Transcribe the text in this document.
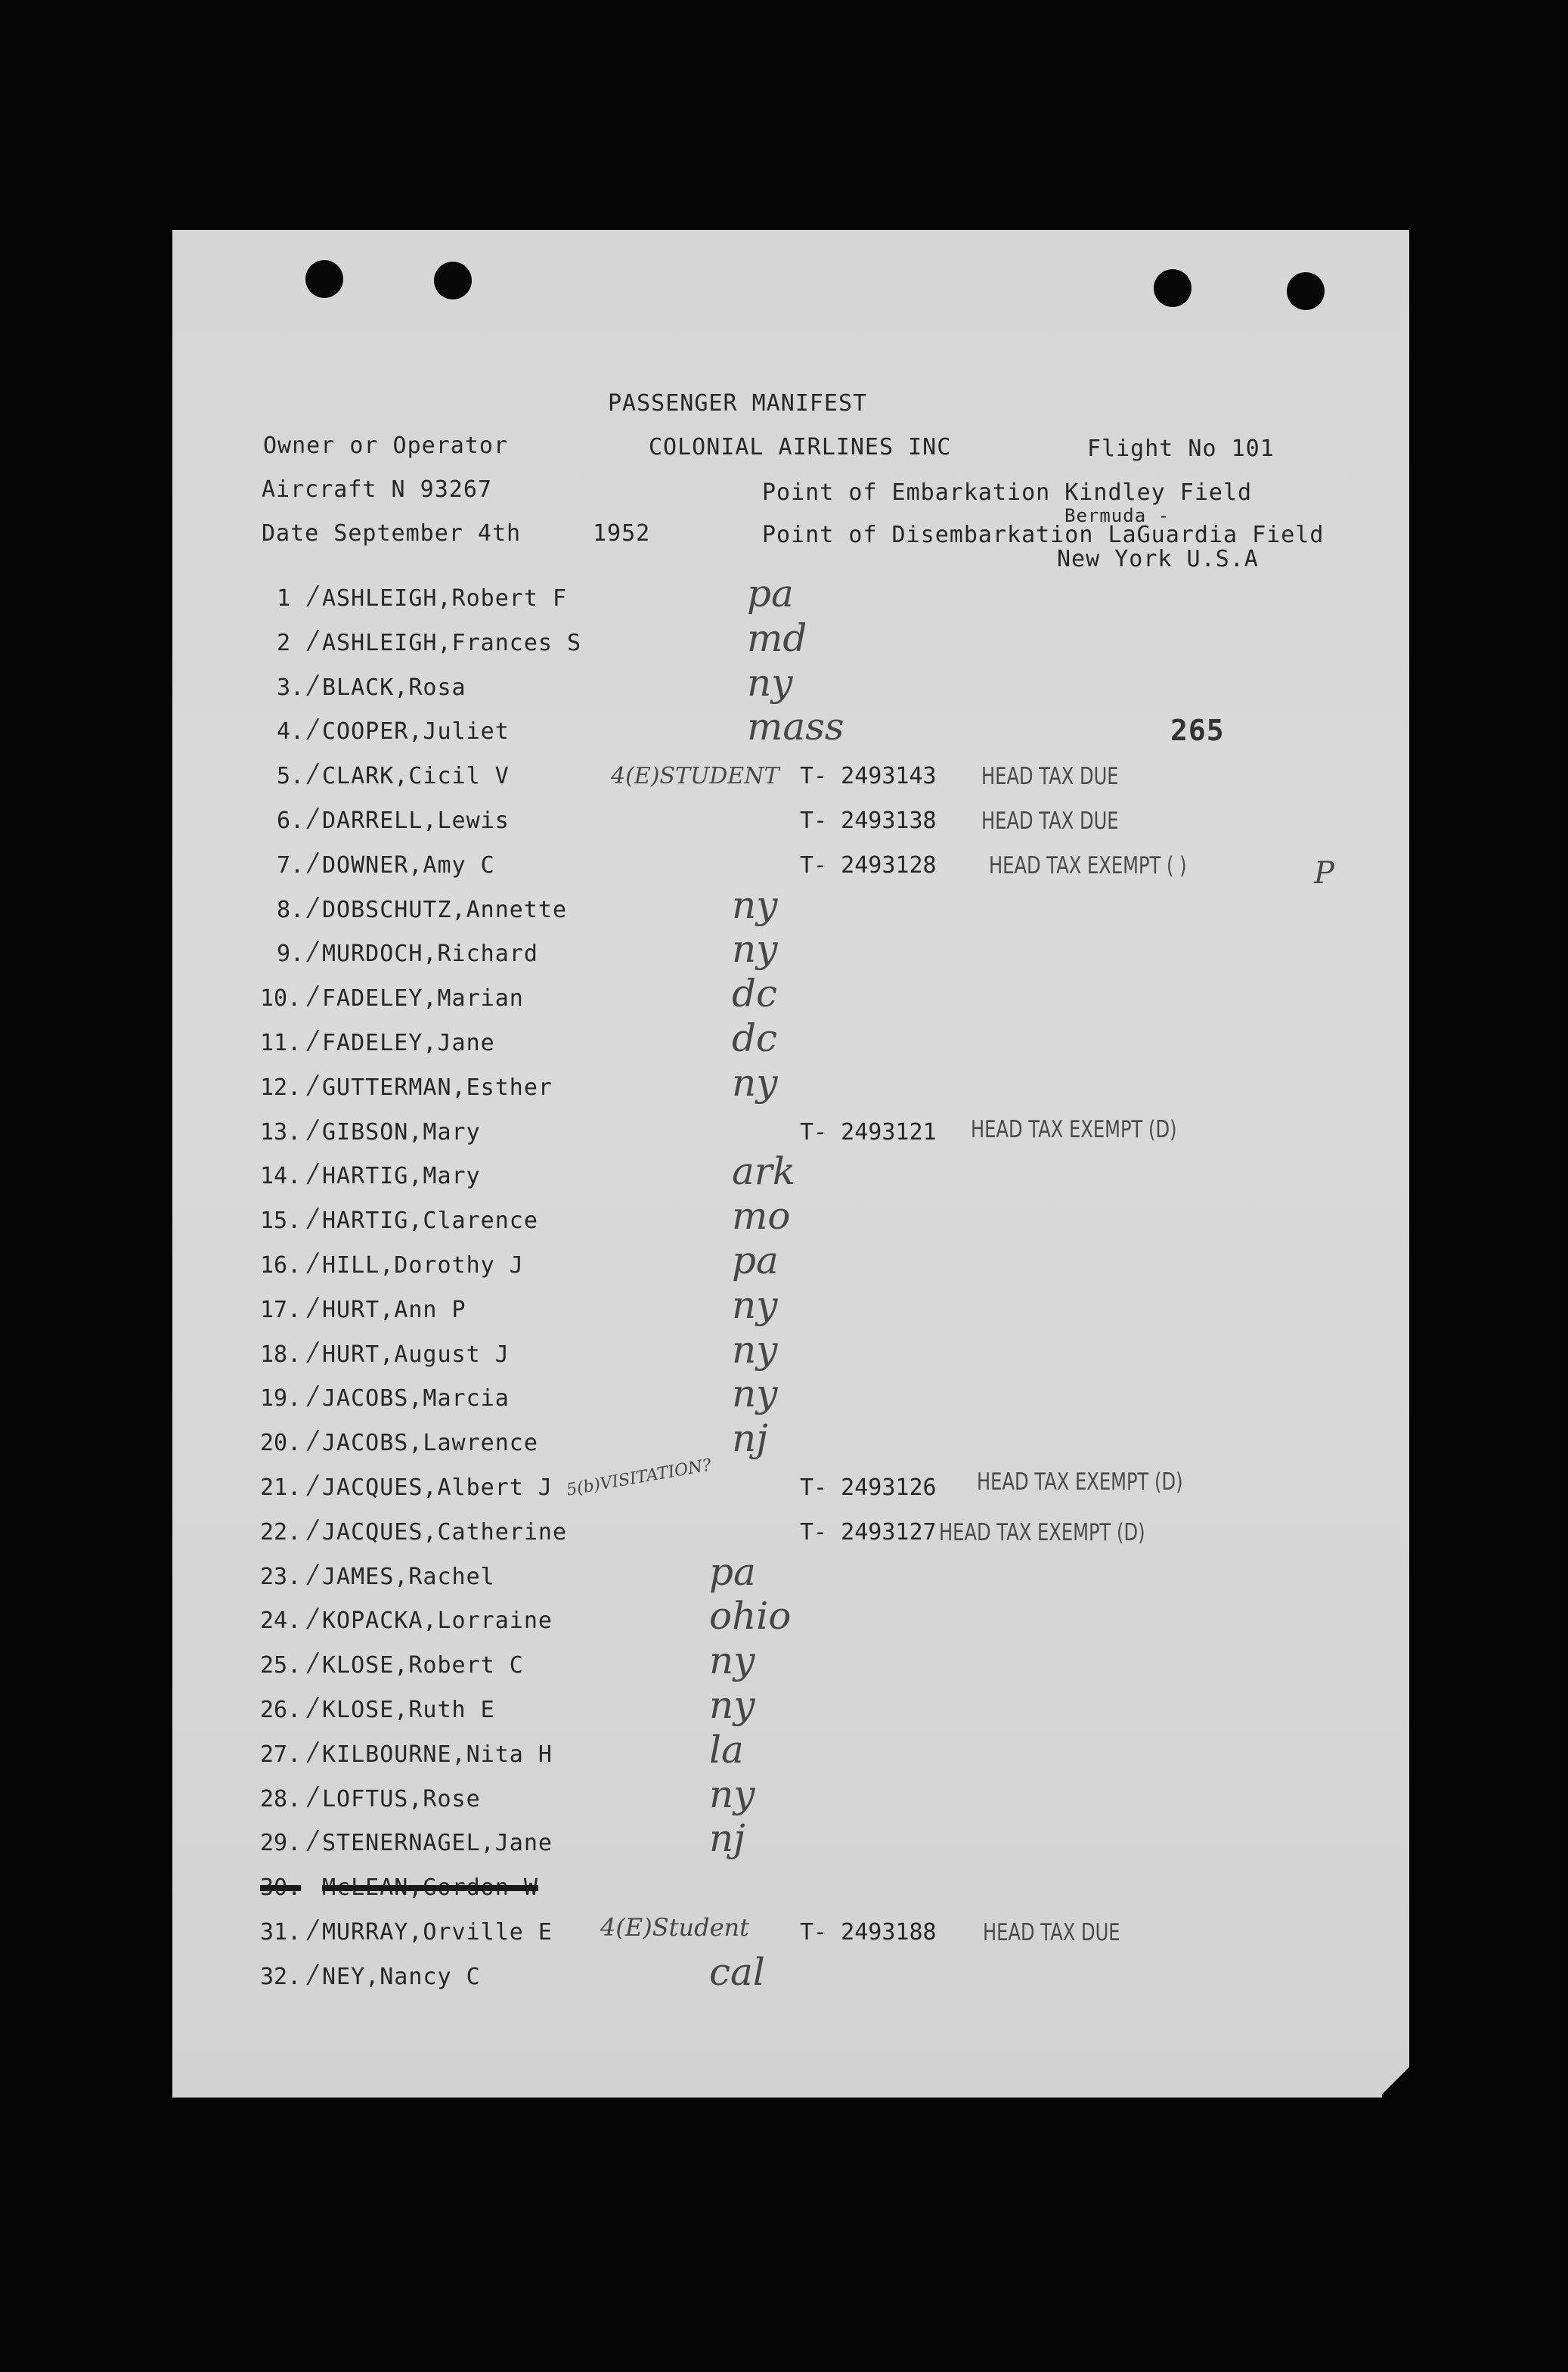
PASSENGER MANIFEST
Owner or Operator	COLONIAL AIRLINES INC	Flight No 101
Aircraft N 93267	Point of Embarkation Kindley Field
Bermuda -
Date September 4th	1952	Point of Disembarkation LaGuardia Field
New York U.S.A
265
P
1 ∕ ASHLEIGH,Robert F	pa
2 ∕ ASHLEIGH,Frances S	md
3. ∕ BLACK,Rosa	ny
4. ∕ COOPER,Juliet	mass
5. ∕ CLARK,Cicil V	4(E)STUDENT T- 2493143 HEAD TAX DUE
6. ∕ DARRELL,Lewis	T- 2493138 HEAD TAX DUE
7. ∕ DOWNER,Amy C	T- 2493128 HEAD TAX EXEMPT ( )
8. ∕ DOBSCHUTZ,Annette	ny
9. ∕ MURDOCH,Richard	ny
10. ∕ FADELEY,Marian	dc
11. ∕ FADELEY,Jane	dc
12. ∕ GUTTERMAN,Esther	ny
13. ∕ GIBSON,Mary	T- 2493121 HEAD TAX EXEMPT (D)
14. ∕ HARTIG,Mary	ark
15. ∕ HARTIG,Clarence	mo
16. ∕ HILL,Dorothy J	pa
17. ∕ HURT,Ann P	ny
18. ∕ HURT,August J	ny
19. ∕ JACOBS,Marcia	ny
20. ∕ JACOBS,Lawrence	nj
21. ∕ JACQUES,Albert J 5(b)VISITATION?	T- 2493126 HEAD TAX EXEMPT (D)
22. ∕ JACQUES,Catherine	T- 2493127 HEAD TAX EXEMPT (D)
23. ∕ JAMES,Rachel	pa
24. ∕ KOPACKA,Lorraine	ohio
25. ∕ KLOSE,Robert C	ny
26. ∕ KLOSE,Ruth E	ny
27. ∕ KILBOURNE,Nita H	la
28. ∕ LOFTUS,Rose	ny
29. ∕ STENERNAGEL,Jane	nj
30. McLEAN,Gordon W
31. ∕ MURRAY,Orville E 4(E)Student T- 2493188 HEAD TAX DUE
32. ∕ NEY,Nancy C	cal
